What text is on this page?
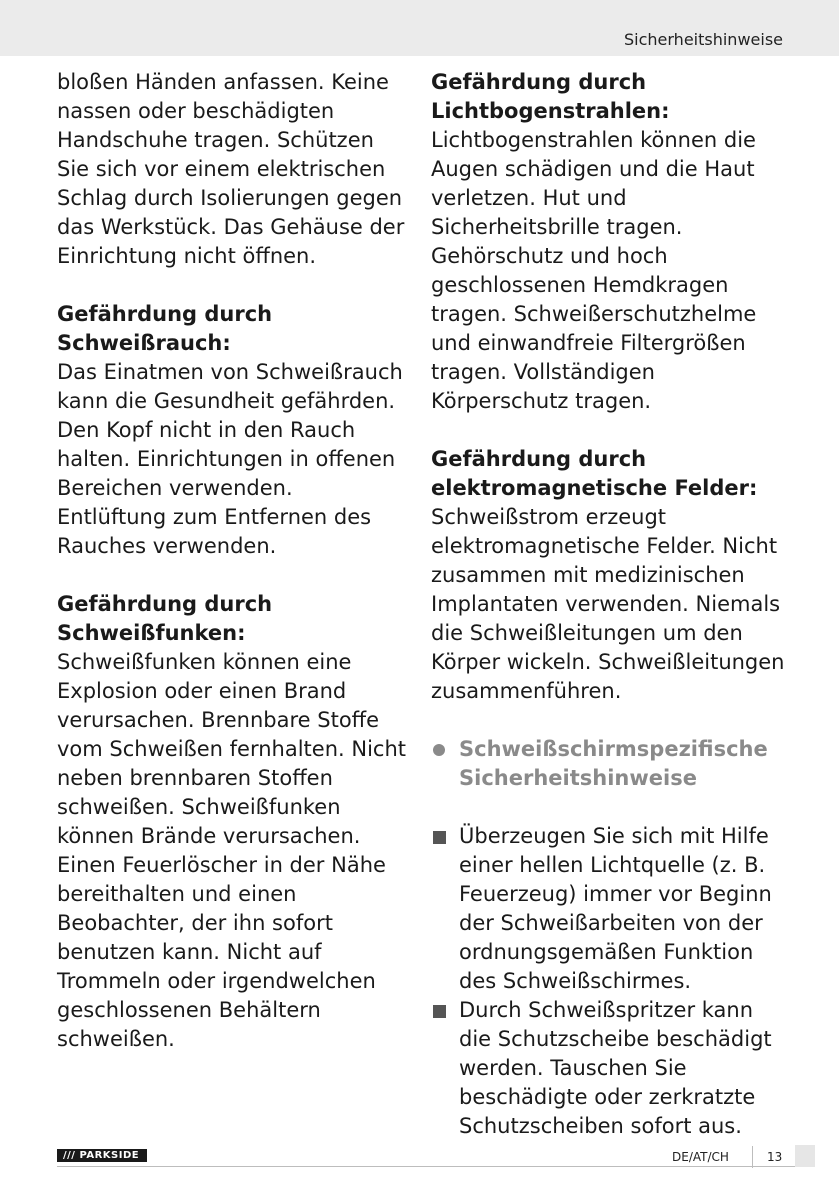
Sicherheitshinweise

bloßen Händen anfassen. Keine nassen oder beschädigten Handschuhe tragen. Schützen Sie sich vor einem elektrischen Schlag durch Isolierungen gegen das Werkstück. Das Gehäuse der Einrichtung nicht öffnen.

Gefährdung durch Schweißrauch:
Das Einatmen von Schweißrauch kann die Gesundheit gefährden. Den Kopf nicht in den Rauch halten. Einrichtungen in offenen Bereichen verwenden. Entlüftung zum Entfernen des Rauches verwenden.

Gefährdung durch Schweißfunken:
Schweißfunken können eine Explosion oder einen Brand verursachen. Brennbare Stoffe vom Schweißen fernhalten. Nicht neben brennbaren Stoffen schweißen. Schweißfunken können Brände verursachen. Einen Feuerlöscher in der Nähe bereithalten und einen Beobachter, der ihn sofort benutzen kann. Nicht auf Trommeln oder irgendwelchen geschlossenen Behältern schweißen.

Gefährdung durch Lichtbogenstrahlen:
Lichtbogenstrahlen können die Augen schädigen und die Haut verletzen. Hut und Sicherheitsbrille tragen. Gehörschutz und hoch geschlossenen Hemdkragen tragen. Schweißerschutzhelme und einwandfreie Filtergrößen tragen. Vollständigen Körperschutz tragen.

Gefährdung durch elektromagnetische Felder:
Schweißstrom erzeugt elektromagnetische Felder. Nicht zusammen mit medizinischen Implantaten verwenden. Niemals die Schweißleitungen um den Körper wickeln. Schweißleitungen zusammenführen.

Schweißschirmspezifische Sicherheitshinweise
Überzeugen Sie sich mit Hilfe einer hellen Lichtquelle (z. B. Feuerzeug) immer vor Beginn der Schweißarbeiten von der ordnungsgemäßen Funktion des Schweißschirmes.
Durch Schweißspritzer kann die Schutzscheibe beschädigt werden. Tauschen Sie beschädigte oder zerkratzte Schutzscheiben sofort aus.
/// PARKSIDE	DE/AT/CH	13
